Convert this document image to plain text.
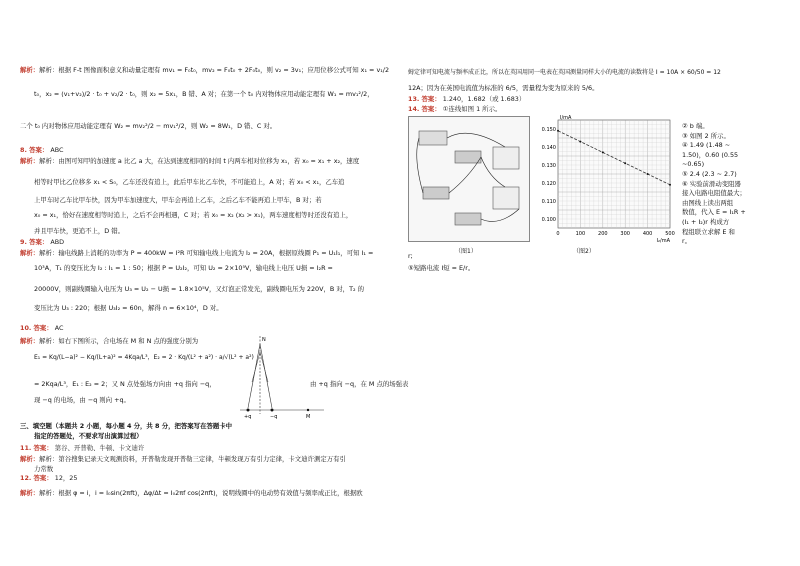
解析：解析：根据 F-t 图像面积意义和动量定理有 mv₁ = F₀t₀，mv₂ = F₀t₀ + 2F₀t₀，则 v₂ = 3v₁；应用位移公式可知 x₁ = v₁/2
t₀，x₂ = (v₁+v₂)/2 · t₀ + v₂/2 · t₀，则 x₂ = 5x₁，B 错、A 对；在第一个 t₀ 内对物体应用动能定理有 W₁ = mv₁²/2，
二个 t₀ 内对物体应用动能定理有 W₂ = mv₂²/2 − mv₁²/2，则 W₂ = 8W₁，D 错、C 对。
8. 答案： ABC
解析：解析：由图可知甲的加速度 a 比乙 a 大，在达到速度相同的时间 t 内两车相对位移为 x₁，若 x₀ = x₁ + x₂，速度
相等时甲比乙位移多 x₁ < S₀，乙车还没有追上，此后甲车比乙车快，不可能追上，A 对；若 x₀ < x₁，乙车追
上甲车时乙车比甲车快，因为甲车加速度大，甲车会再追上乙车，之后乙车不能再追上甲车，B 对；若
x₀ = x₁，恰好在速度相等时追上，之后不会再相遇，C 对；若 x₀ = x₂ (x₂ > x₁)，两车速度相等时还没有追上，
并且甲车快，更追不上，D 错。
9. 答案： ABD
解析：解析：输电线路上消耗的功率为 P = 400kW = I²R 可知输电线上电流为 I₂ = 20A，根据原线圈 P₁ = U₁I₁，可知 I₁ =
10³A，T₁ 的变压比为 I₂ : I₁ = 1 : 50；根据 P = U₂I₂，可知 U₂ = 2×10⁵V，输电线上电压 U损 = I₂R =
20000V，则副线圈输入电压为 U₃ = U₂ − U损 = 1.8×10⁵V，又灯泡正常发光，副线圈电压为 220V，B 对，T₂ 的
变压比为 U₃ : 220；根据 U₃I₂ = 60n，解得 n = 6×10⁴，D 对。
10. 答案： AC
解析：解析：如右下图所示，合电场在 M 和 N 点的强度分别为
E₁ = Kq/(L−a)² − Kq/(L+a)² = 4Kqa/L³，E₂ = 2 · Kq/(L² + a²) · a/√(L² + a²)
= 2Kqa/L³，E₁ : E₂ = 2；又 N 点处强场方向由 +q 指向 −q，	由 +q 指向 −q，在 M 点的场强表
现 −q 的电场，由 −q 则向 +q。
N
+q	−q	M
三、填空题（本题共 2 小题，每小题 4 分，共 8 分，把答案写在答题卡中
指定的答题处，不要求写出演算过程）
11. 答案： 第谷、开普勒、牛顿、卡文迪许
解析：解析：第谷搜集记录天文观测资料，开普勒发现开普勒三定律，牛顿发现万有引力定律，卡文迪许测定万有引
力常数
12. 答案： 12，25
解析：解析：根据 φ = i，i = I₀sin(2πft)，Δφ/Δt = I₀2πf cos(2πft)，说明线圈中的电动势有效值与频率成正比，根据欧
姆定律可知电流与频率成正比，所以在英国用同一电表在英国测量同样大小的电流的读数将是 I = 10A × 60/50 = 12
12A；因为在英国电流值为标准的 6/5，需量程为变为原来的 5/6。
13. 答案： 1.240，1.682（或 1.683）
14. 答案： ①连线如图 1 所示。
（图1）
0	100	200	300	400	500
0.100
0.110
0.120
0.130
0.140
0.150
I/mA
I₂/mA
（图2）
② b 端。
③ 如图 2 所示。
④ 1.49 (1.48 ~
1.50)，0.60 (0.55
~0.65)
⑤ 2.4 (2.3 ~ 2.7)
⑥ 实验前滑动变阻器
接入电路电阻值最大；
由图线上读出两组
数值，代入 E = I₁R +
(I₁ + I₂)r 构成方
程组联立求解 E 和
r。
r;
⑤短路电流 I短 = E/r。
